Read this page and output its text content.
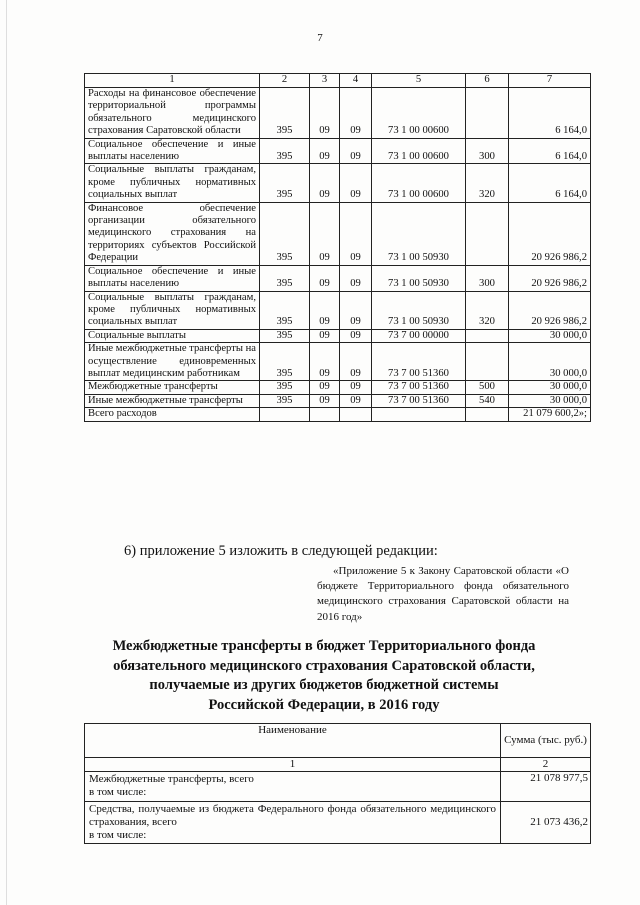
7
1	2	3	4	5	6	7
Расходы на финансовое обеспечение территориальной программы обязательного медицинского страхования Саратовской области	395	09	09	73 1 00 00600		6 164,0
Социальное обеспечение и иные выплаты населению	395	09	09	73 1 00 00600	300	6 164,0
Социальные выплаты гражданам, кроме публичных нормативных социальных выплат	395	09	09	73 1 00 00600	320	6 164,0
Финансовое обеспечение организации обязательного медицинского страхования на территориях субъектов Российской Федерации	395	09	09	73 1 00 50930		20 926 986,2
Социальное обеспечение и иные выплаты населению	395	09	09	73 1 00 50930	300	20 926 986,2
Социальные выплаты гражданам, кроме публичных нормативных социальных выплат	395	09	09	73 1 00 50930	320	20 926 986,2
Социальные выплаты	395	09	09	73 7 00 00000		30 000,0
Иные межбюджетные трансферты на осуществление единовременных выплат медицинским работникам	395	09	09	73 7 00 51360		30 000,0
Межбюджетные трансферты	395	09	09	73 7 00 51360	500	30 000,0
Иные межбюджетные трансферты	395	09	09	73 7 00 51360	540	30 000,0
Всего расходов						21 079 600,2»;
6) приложение 5 изложить в следующей редакции:
«Приложение 5 к Закону Саратовской области «О бюджете Территориального фонда обязательного медицинского страхования Саратовской области на 2016 год»
Межбюджетные трансферты в бюджет Территориального фонда
обязательного медицинского страхования Саратовской области,
получаемые из других бюджетов бюджетной системы
Российской Федерации, в 2016 году
Наименование	Сумма (тыс. руб.)
1	2

Межбюджетные трансферты, всего
в том числе:	21 078 977,5

Средства, получаемые из бюджета Федерального фонда обязательного медицинского страхования, всего
в том числе:	21 073 436,2
